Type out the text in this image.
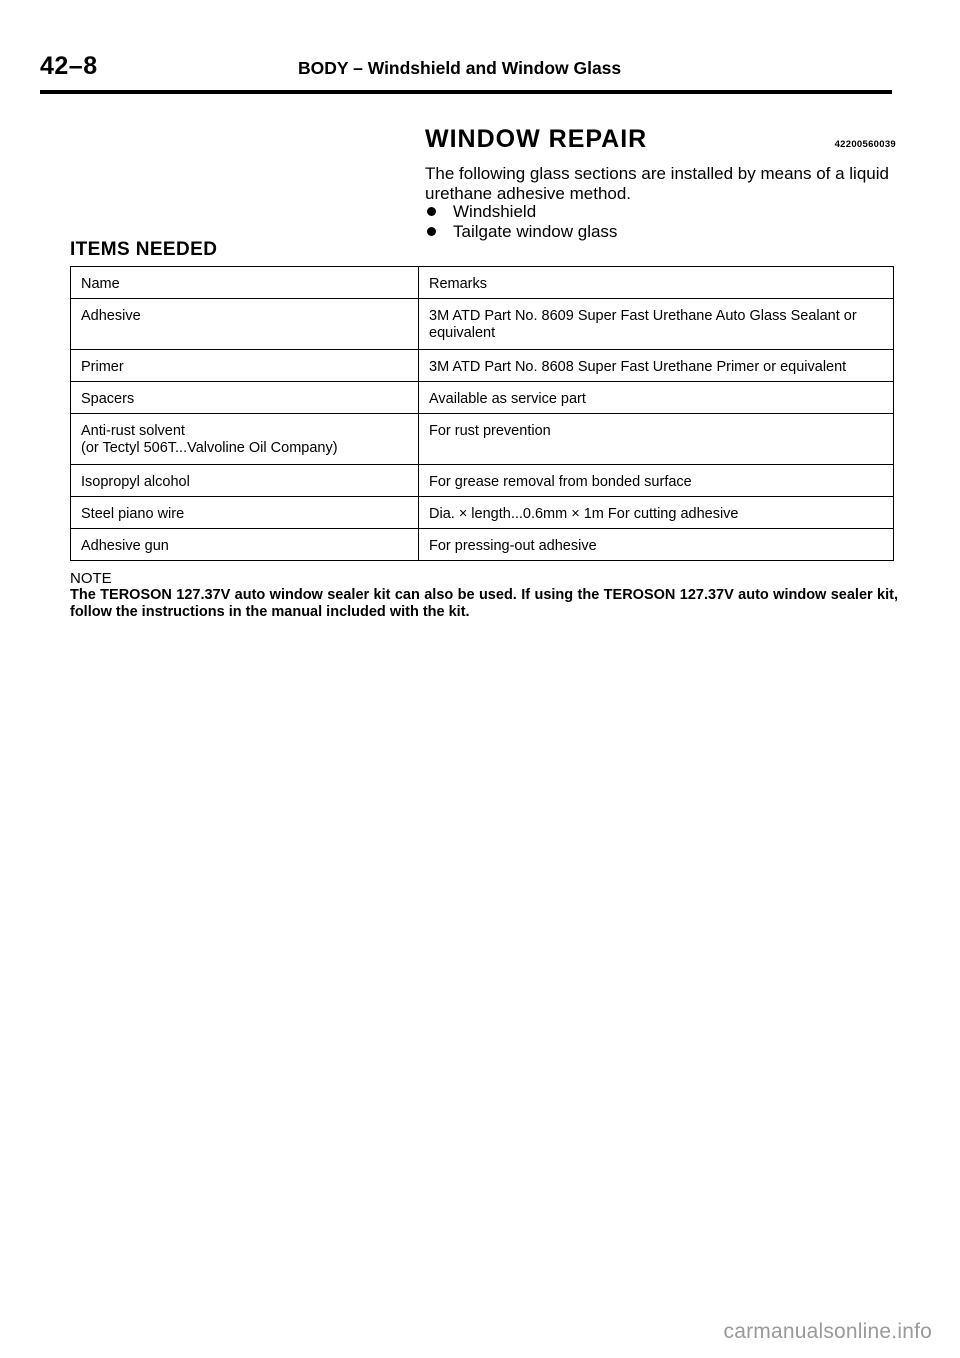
42–8	BODY – Windshield and Window Glass
WINDOW REPAIR	42200560039
The following glass sections are installed by means of a liquid urethane adhesive method.
Windshield
Tailgate window glass
ITEMS NEEDED
Name	Remarks
Adhesive	3M ATD Part No. 8609 Super Fast Urethane Auto Glass Sealant or equivalent
Primer	3M ATD Part No. 8608 Super Fast Urethane Primer or equivalent
Spacers	Available as service part
Anti-rust solvent
(or Tectyl 506T...Valvoline Oil Company)	For rust prevention
Isopropyl alcohol	For grease removal from bonded surface
Steel piano wire	Dia. × length...0.6mm × 1m For cutting adhesive
Adhesive gun	For pressing-out adhesive
NOTE
The TEROSON 127.37V auto window sealer kit can also be used. If using the TEROSON 127.37V auto window sealer kit, follow the instructions in the manual included with the kit.
carmanualsonline.info
